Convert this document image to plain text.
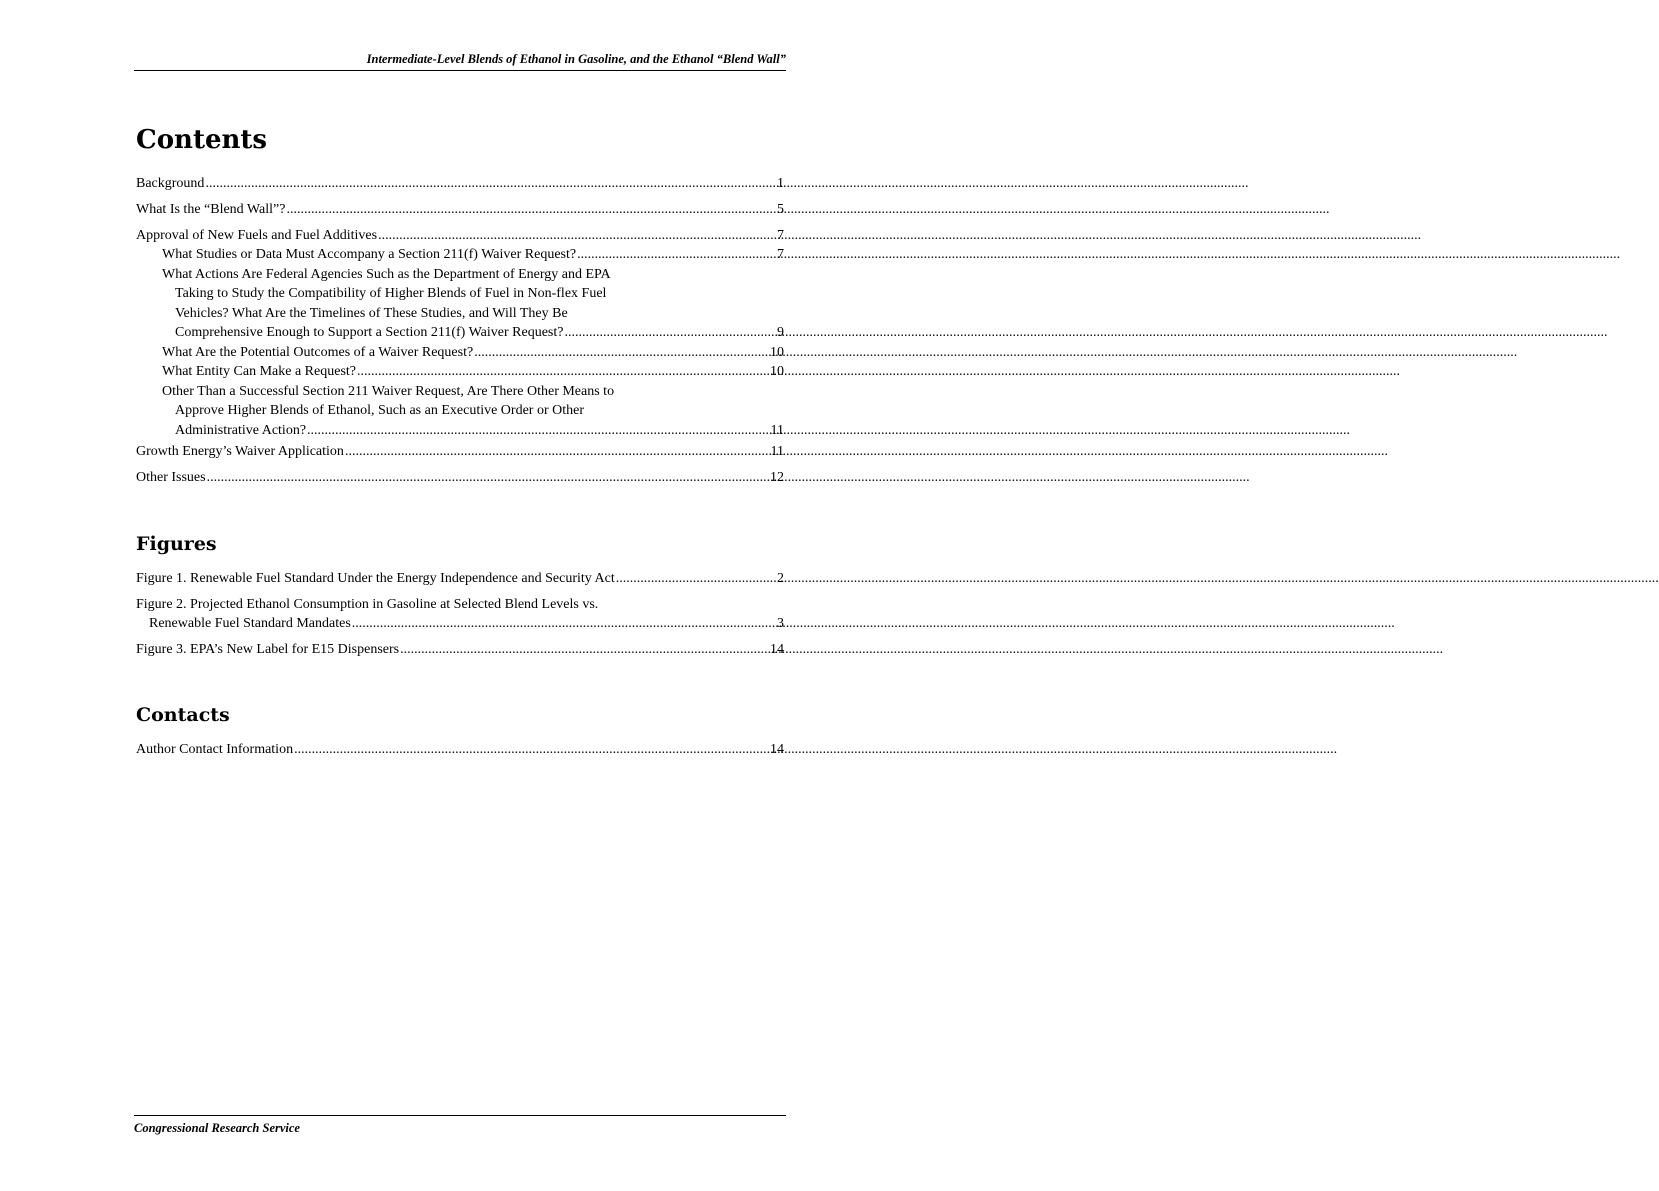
Intermediate-Level Blends of Ethanol in Gasoline, and the Ethanol “Blend Wall”
Contents
Background .....	1
What Is the “Blend Wall”? .....	5
Approval of New Fuels and Fuel Additives .....	7
What Studies or Data Must Accompany a Section 211(f) Waiver Request? .....	7
What Actions Are Federal Agencies Such as the Department of Energy and EPA
Taking to Study the Compatibility of Higher Blends of Fuel in Non-flex Fuel
Vehicles? What Are the Timelines of These Studies, and Will They Be
Comprehensive Enough to Support a Section 211(f) Waiver Request? .....	9
What Are the Potential Outcomes of a Waiver Request? .....	10
What Entity Can Make a Request? .....	10
Other Than a Successful Section 211 Waiver Request, Are There Other Means to
Approve Higher Blends of Ethanol, Such as an Executive Order or Other
Administrative Action? .....	11
Growth Energy’s Waiver Application .....	11
Other Issues .....	12
Figures
Figure 1. Renewable Fuel Standard Under the Energy Independence and Security Act .....	2
Figure 2. Projected Ethanol Consumption in Gasoline at Selected Blend Levels vs.
Renewable Fuel Standard Mandates .....	3
Figure 3. EPA’s New Label for E15 Dispensers .....	14
Contacts
Author Contact Information .....	14
Congressional Research Service
